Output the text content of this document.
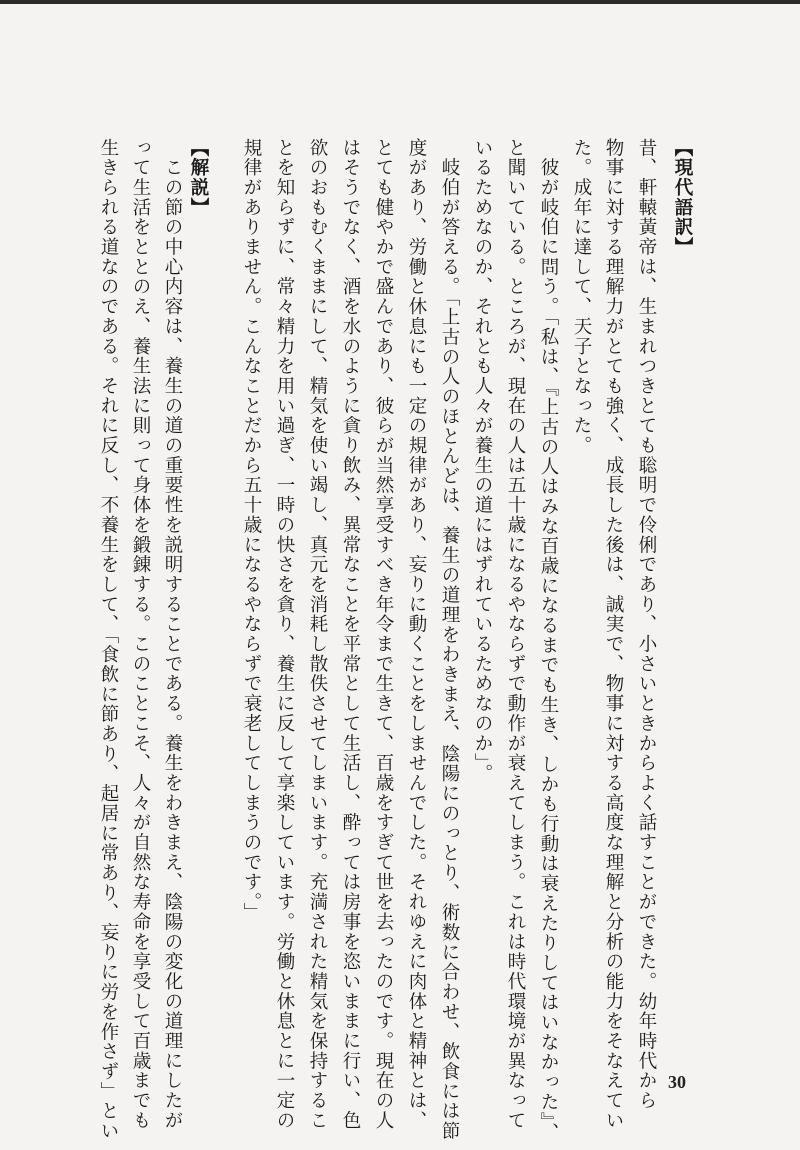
【現代語訳】
昔、軒轅黃帝は、生まれつきとても聡明で伶俐であり、小さいときからよく話すことができた。幼年時代から
物事に対する理解力がとても強く、成長した後は、誠実で、物事に対する高度な理解と分析の能力をそなえてい
た。成年に達して、天子となった。
　彼が岐伯に問う。「私は、『上古の人はみな百歳になるまでも生き、しかも行動は衰えたりしてはいなかった』、
と聞いている。ところが、現在の人は五十歳になるやならずで動作が衰えてしまう。これは時代環境が異なって
いるためなのか、それとも人々が養生の道にはずれているためなのか」。
　岐伯が答える。「上古の人のほとんどは、養生の道理をわきまえ、陰陽にのっとり、術数に合わせ、飲食には節
度があり、労働と休息にも一定の規律があり、妄りに動くことをしませんでした。それゆえに肉体と精神とは、
とても健やかで盛んであり、彼らが当然享受すべき年令まで生きて、百歳をすぎて世を去ったのです。現在の人
はそうでなく、酒を水のように貪り飲み、異常なことを平常として生活し、酔っては房事を恣いままに行い、色
欲のおもむくままにして、精気を使い竭し、真元を消耗し散佚させてしまいます。充満された精気を保持するこ
とを知らずに、常々精力を用い過ぎ、一時の快さを貪り、養生に反して享楽しています。労働と休息とに一定の
規律がありません。こんなことだから五十歳になるやならずで衰老してしまうのです。」
【解説】
　この節の中心内容は、養生の道の重要性を説明することである。養生をわきまえ、陰陽の変化の道理にしたが
って生活をととのえ、養生法に則って身体を鍛錬する。このことこそ、人々が自然な寿命を享受して百歳までも
生きられる道なのである。それに反し、不養生をして、「食飲に節あり、起居に常あり、妄りに労を作さず」とい	30
